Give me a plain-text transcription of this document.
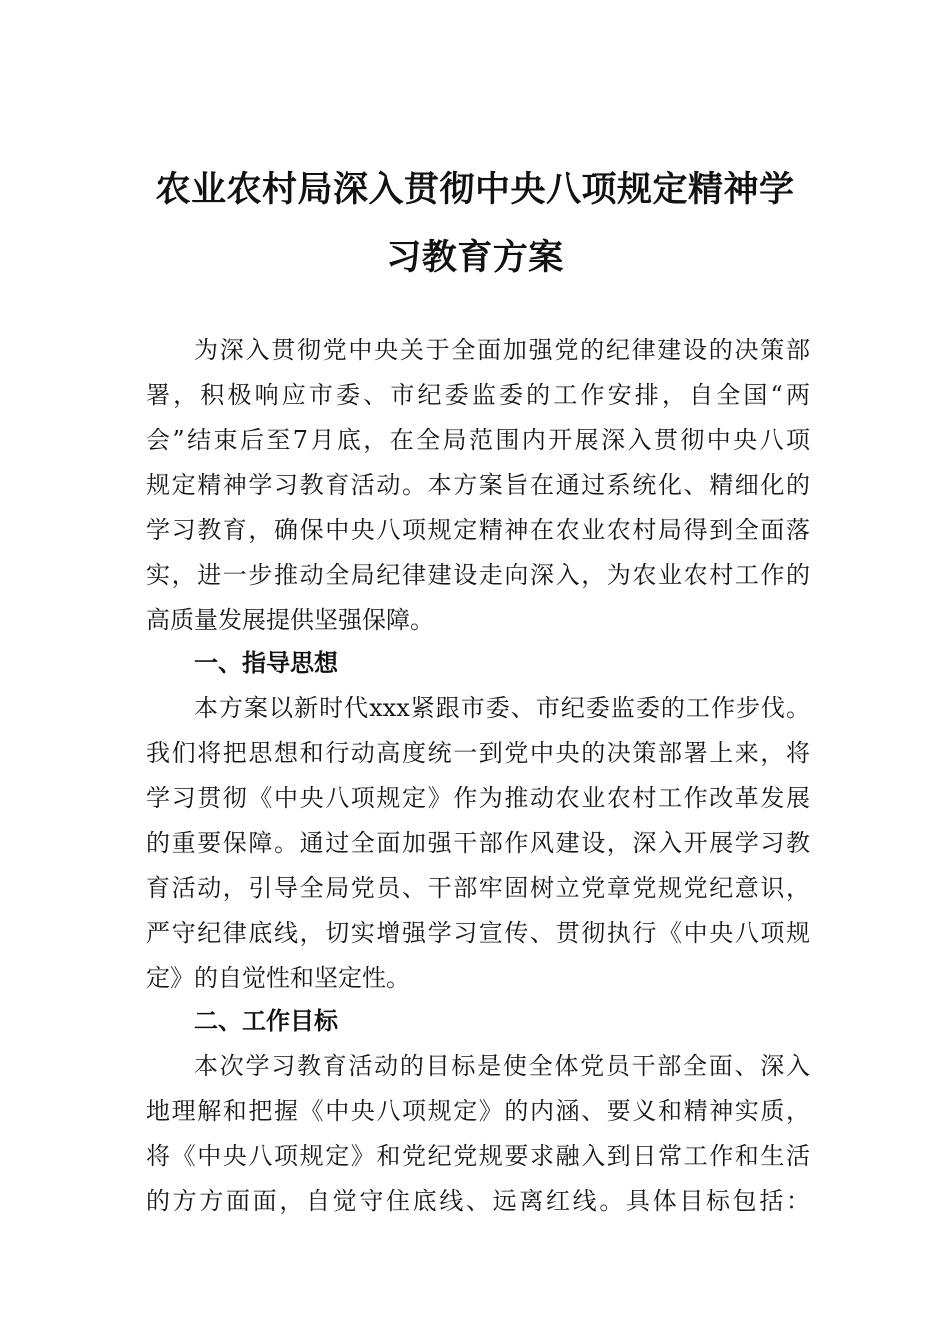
农业农村局深入贯彻中央八项规定精神学
习教育方案
为深入贯彻党中央关于全面加强党的纪律建设的决策部
署，积极响应市委、市纪委监委的工作安排，自全国“两
会”结束后至7月底，在全局范围内开展深入贯彻中央八项
规定精神学习教育活动。本方案旨在通过系统化、精细化的
学习教育，确保中央八项规定精神在农业农村局得到全面落
实，进一步推动全局纪律建设走向深入，为农业农村工作的
高质量发展提供坚强保障。
一、指导思想
本方案以新时代xxx紧跟市委、市纪委监委的工作步伐。
我们将把思想和行动高度统一到党中央的决策部署上来，将
学习贯彻《中央八项规定》作为推动农业农村工作改革发展
的重要保障。通过全面加强干部作风建设，深入开展学习教
育活动，引导全局党员、干部牢固树立党章党规党纪意识，
严守纪律底线，切实增强学习宣传、贯彻执行《中央八项规
定》的自觉性和坚定性。
二、工作目标
本次学习教育活动的目标是使全体党员干部全面、深入
地理解和把握《中央八项规定》的内涵、要义和精神实质，
将《中央八项规定》和党纪党规要求融入到日常工作和生活
的方方面面，自觉守住底线、远离红线。具体目标包括：
